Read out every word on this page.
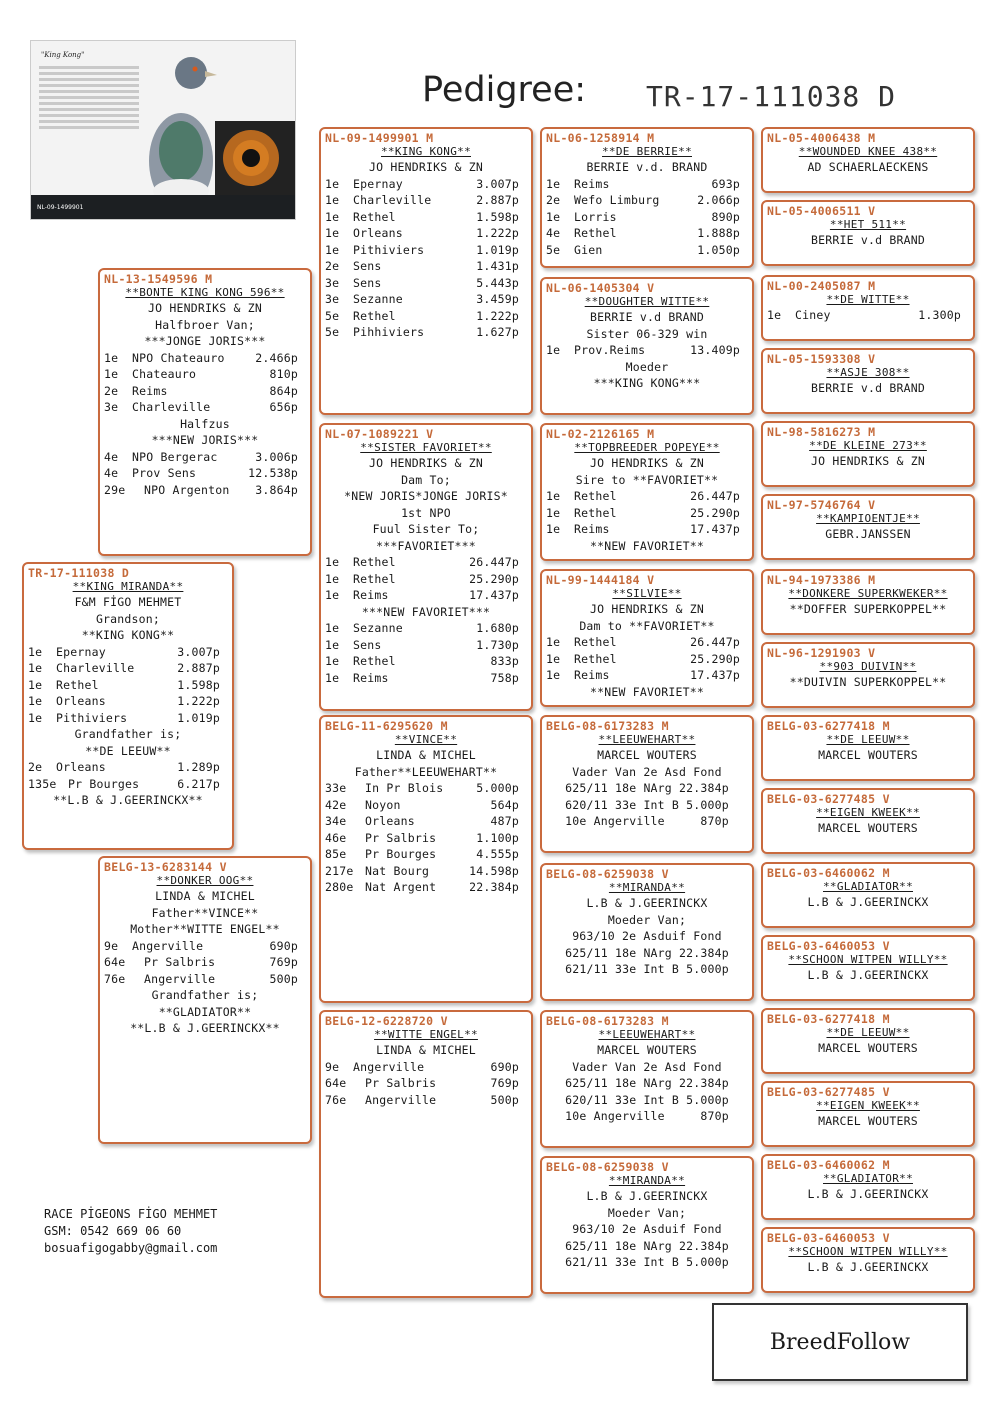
"King Kong"
NL-09-1499901
Pedigree: TR-17-111038 D
TR-17-111038 D
**KING MIRANDA**
F&M FİGO MEHMET
Grandson;
**KING KONG**
1e Epernay	3.007p
1e Charleville	2.887p
1e Rethel	1.598p
1e Orleans	1.222p
1e Pithiviers	1.019p
Grandfather is;
**DE LEEUW**
2e Orleans	1.289p
135e Pr Bourges	6.217p
**L.B & J.GEERINCKX**
NL-13-1549596 M
**BONTE KING KONG 596**
JO HENDRIKS & ZN
Halfbroer Van;
***JONGE JORIS***
1e NPO Chateauro	2.466p
1e Chateauro	810p
2e Reims	864p
3e Charleville	656p
Halfzus
***NEW JORIS***
4e NPO Bergerac	3.006p
4e Prov Sens	12.538p
29e NPO Argenton 3.864p
BELG-13-6283144 V
**DONKER OOG**
LINDA & MICHEL
Father**VINCE**
Mother**WITTE ENGEL**
9e Angerville	690p
64e Pr Salbris	769p
76e Angerville	500p
Grandfather is;
**GLADIATOR**
**L.B & J.GEERINCKX**
NL-09-1499901 M
**KING KONG**
JO HENDRIKS & ZN
1e Epernay	3.007p
1e Charleville	2.887p
1e Rethel	1.598p
1e Orleans	1.222p
1e Pithiviers	1.019p
2e Sens	1.431p
3e Sens	5.443p
3e Sezanne	3.459p
5e Rethel	1.222p
5e Pihhiviers	1.627p
NL-07-1089221 V
**SISTER FAVORIET**
JO HENDRIKS & ZN
Dam To;
*NEW JORIS*JONGE JORIS*
1st NPO
Fuul Sister To;
***FAVORIET***
1e Rethel	26.447p
1e Rethel	25.290p
1e Reims	17.437p
***NEW FAVORIET***
1e Sezanne	1.680p
1e Sens	1.730p
1e Rethel	833p
1e Reims	758p
BELG-11-6295620 M
**VINCE**
LINDA & MICHEL
Father**LEEUWEHART**
33e In Pr Blois	5.000p
42e Noyon	564p
34e Orleans	487p
46e Pr Salbris	1.100p
85e Pr Bourges	4.555p
217e Nat Bourg	14.598p
280e Nat Argent	22.384p
BELG-12-6228720 V
**WITTE ENGEL**
LINDA & MICHEL
9e Angerville	690p
64e Pr Salbris	769p
76e Angerville	500p
NL-06-1258914 M
**DE BERRIE**
BERRIE v.d. BRAND
1e Reims	693p
2e Wefo Limburg	2.066p
1e Lorris	890p
4e Rethel	1.888p
5e Gien	1.050p
NL-06-1405304 V
**DOUGHTER WITTE**
BERRIE v.d BRAND
Sister 06-329 win
1e Prov.Reims	13.409p
Moeder
***KING KONG***
NL-02-2126165 M
**TOPBREEDER POPEYE**
JO HENDRIKS & ZN
Sire to **FAVORIET**
1e Rethel	26.447p
1e Rethel	25.290p
1e Reims	17.437p
**NEW FAVORIET**
NL-99-1444184 V
**SILVIE**
JO HENDRIKS & ZN
Dam to **FAVORIET**
1e Rethel	26.447p
1e Rethel	25.290p
1e Reims	17.437p
**NEW FAVORIET**
BELG-08-6173283 M
**LEEUWEHART**
MARCEL WOUTERS
Vader Van 2e Asd Fond
625/11 18e NArg 22.384p
620/11 33e Int B 5.000p
10e Angerville     870p
BELG-08-6259038 V
**MIRANDA**
L.B & J.GEERINCKX
Moeder Van;
963/10 2e Asduif Fond
625/11 18e NArg 22.384p
621/11 33e Int B 5.000p
BELG-08-6173283 M
**LEEUWEHART**
MARCEL WOUTERS
Vader Van 2e Asd Fond
625/11 18e NArg 22.384p
620/11 33e Int B 5.000p
10e Angerville     870p
BELG-08-6259038 V
**MIRANDA**
L.B & J.GEERINCKX
Moeder Van;
963/10 2e Asduif Fond
625/11 18e NArg 22.384p
621/11 33e Int B 5.000p
NL-05-4006438 M
**WOUNDED KNEE 438**
AD SCHAERLAECKENS
NL-05-4006511 V
**HET 511**
BERRIE v.d BRAND
NL-00-2405087 M
**DE WITTE**
1e Ciney	1.300p
NL-05-1593308 V
**ASJE 308**
BERRIE v.d BRAND
NL-98-5816273 M
**DE KLEINE 273**
JO HENDRIKS & ZN
NL-97-5746764 V
**KAMPIOENTJE**
GEBR.JANSSEN
NL-94-1973386 M
**DONKERE SUPERKWEKER**
**DOFFER SUPERKOPPEL**
NL-96-1291903 V
**903 DUIVIN**
**DUIVIN SUPERKOPPEL**
BELG-03-6277418 M
**DE LEEUW**
MARCEL WOUTERS
BELG-03-6277485 V
**EIGEN KWEEK**
MARCEL WOUTERS
BELG-03-6460062 M
**GLADIATOR**
L.B & J.GEERINCKX
BELG-03-6460053 V
**SCHOON WITPEN WILLY**
L.B & J.GEERINCKX
BELG-03-6277418 M
**DE LEEUW**
MARCEL WOUTERS
BELG-03-6277485 V
**EIGEN KWEEK**
MARCEL WOUTERS
BELG-03-6460062 M
**GLADIATOR**
L.B & J.GEERINCKX
BELG-03-6460053 V
**SCHOON WITPEN WILLY**
L.B & J.GEERINCKX
RACE PİGEONS FİGO MEHMET
GSM: 0542 669 06 60
bosuafigogabby@gmail.com
BreedFollow
